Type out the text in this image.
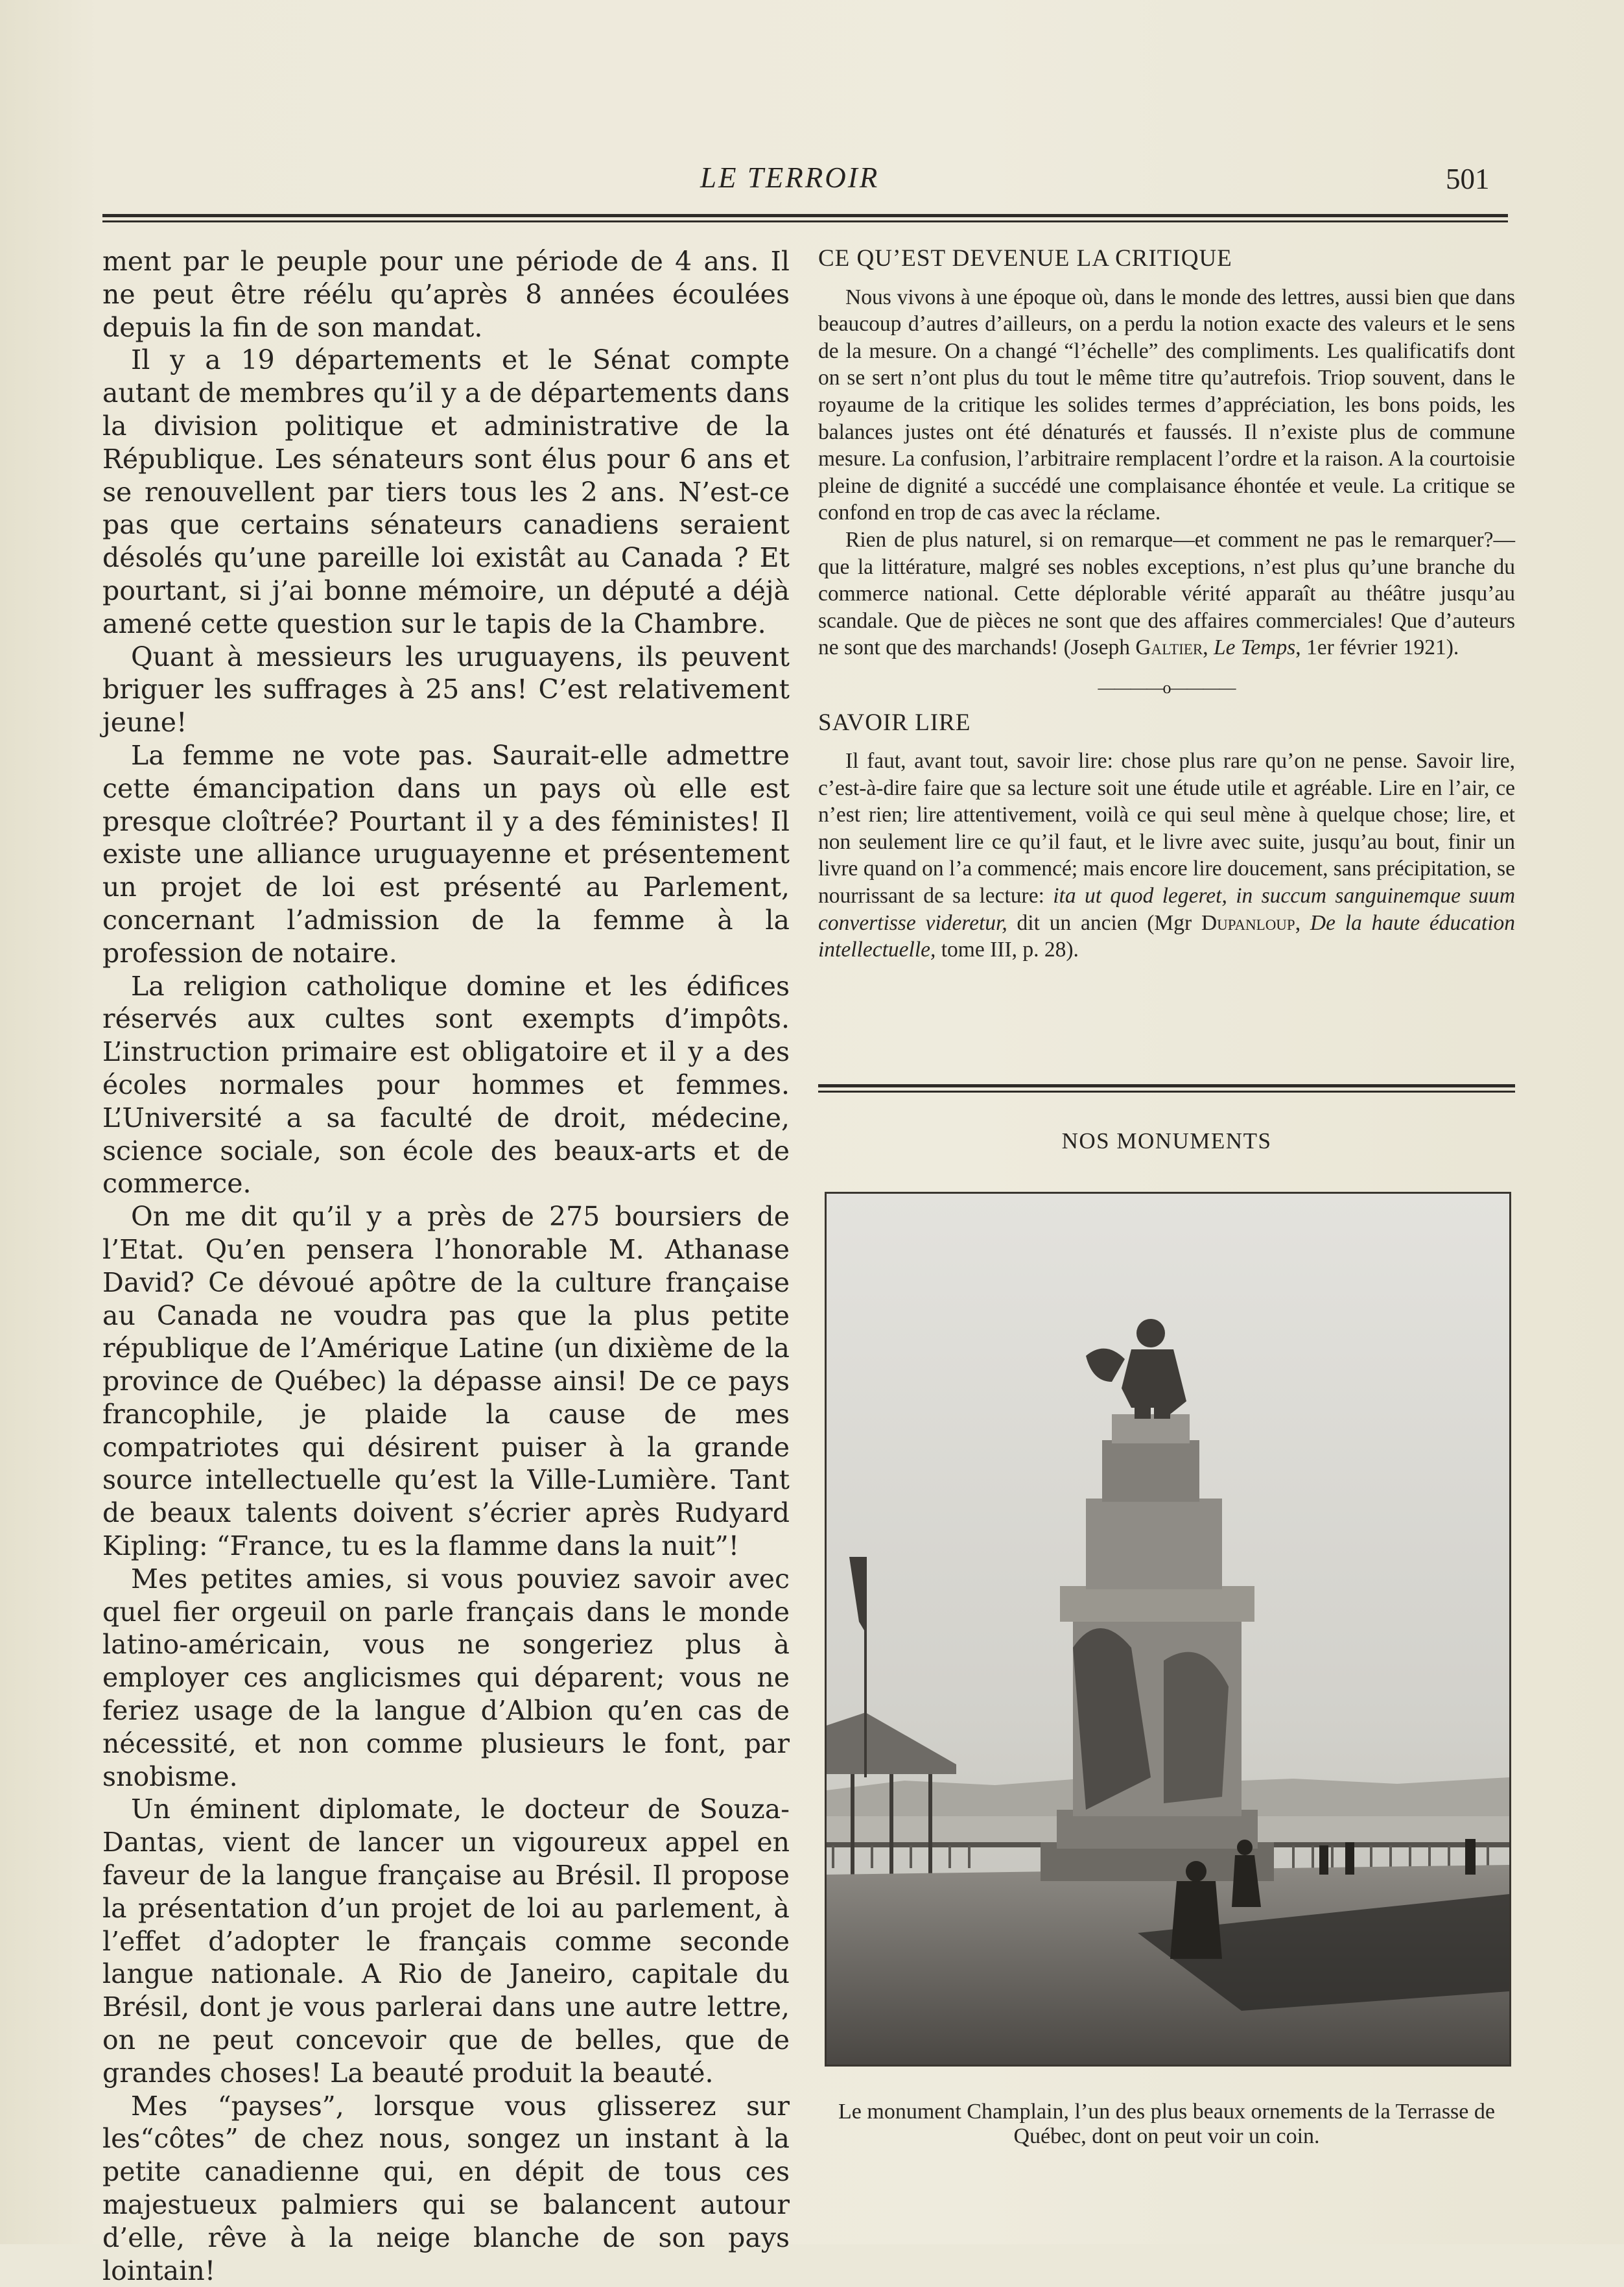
LE TERROIR	501

ment par le peuple pour une période de 4 ans. Il ne peut être réélu qu’après 8 années écoulées depuis la fin de son mandat.

Il y a 19 départements et le Sénat compte autant de membres qu’il y a de départements dans la division politique et administrative de la République. Les sénateurs sont élus pour 6 ans et se renouvellent par tiers tous les 2 ans. N’est-ce pas que certains sénateurs canadiens seraient désolés qu’une pareille loi existât au Canada ? Et pourtant, si j’ai bonne mémoire, un député a déjà amené cette question sur le tapis de la Chambre.

Quant à messieurs les uruguayens, ils peuvent briguer les suffrages à 25 ans! C’est relativement jeune!

La femme ne vote pas. Saurait-elle admettre cette émancipation dans un pays où elle est presque cloîtrée? Pourtant il y a des féministes! Il existe une alliance uruguayenne et présentement un projet de loi est présenté au Parlement, concernant l’admission de la femme à la profession de notaire.

La religion catholique domine et les édifices réservés aux cultes sont exempts d’impôts. L’instruction primaire est obligatoire et il y a des écoles normales pour hommes et femmes. L’Université a sa faculté de droit, médecine, science sociale, son école des beaux-arts et de commerce.

On me dit qu’il y a près de 275 boursiers de l’Etat. Qu’en pensera l’honorable M. Athanase David? Ce dévoué apôtre de la culture française au Canada ne voudra pas que la plus petite république de l’Amérique Latine (un dixième de la province de Québec) la dépasse ainsi! De ce pays francophile, je plaide la cause de mes compatriotes qui désirent puiser à la grande source intellectuelle qu’est la Ville-Lumière. Tant de beaux talents doivent s’écrier après Rudyard Kipling: “France, tu es la flamme dans la nuit”!

Mes petites amies, si vous pouviez savoir avec quel fier orgeuil on parle français dans le monde latino-américain, vous ne songeriez plus à employer ces anglicismes qui déparent; vous ne feriez usage de la langue d’Albion qu’en cas de nécessité, et non comme plusieurs le font, par snobisme.

Un éminent diplomate, le docteur de Souza-Dantas, vient de lancer un vigoureux appel en faveur de la langue française au Brésil. Il propose la présentation d’un projet de loi au parlement, à l’effet d’adopter le français comme seconde langue nationale. A Rio de Janeiro, capitale du Brésil, dont je vous parlerai dans une autre lettre, on ne peut concevoir que de belles, que de grandes choses! La beauté produit la beauté.

Mes “payses”, lorsque vous glisserez sur les“côtes” de chez nous, songez un instant à la petite canadienne qui, en dépit de tous ces majestueux palmiers qui se balancent autour d’elle, rêve à la neige blanche de son pays lointain!

CE QU’EST DEVENUE LA CRITIQUE

Nous vivons à une époque où, dans le monde des lettres, aussi bien que dans beaucoup d’autres d’ailleurs, on a perdu la notion exacte des valeurs et le sens de la mesure. On a changé “l’échelle” des compliments. Les qualificatifs dont on se sert n’ont plus du tout le même titre qu’autrefois. Triop souvent, dans le royaume de la critique les solides termes d’appréciation, les bons poids, les balances justes ont été dénaturés et faussés. Il n’existe plus de commune mesure. La confusion, l’arbitraire remplacent l’ordre et la raison. A la courtoisie pleine de dignité a succédé une complaisance éhontée et veule. La critique se confond en trop de cas avec la réclame.

Rien de plus naturel, si on remarque—et comment ne pas le remarquer?—que la littérature, malgré ses nobles exceptions, n’est plus qu’une branche du commerce national. Cette déplorable vérité apparaît au théâtre jusqu’au scandale. Que de pièces ne sont que des affaires commerciales! Que d’auteurs ne sont que des marchands! (Joseph Galtier, Le Temps, 1er février 1921).

————o————
SAVOIR LIRE

Il faut, avant tout, savoir lire: chose plus rare qu’on ne pense. Savoir lire, c’est-à-dire faire que sa lecture soit une étude utile et agréable. Lire en l’air, ce n’est rien; lire attentivement, voilà ce qui seul mène à quelque chose; lire, et non seulement lire ce qu’il faut, et le livre avec suite, jusqu’au bout, finir un livre quand on l’a commencé; mais encore lire doucement, sans précipitation, se nourrissant de sa lecture: ita ut quod legeret, in succum sanguinemque suum convertisse videretur, dit un ancien (Mgr Dupanloup, De la haute éducation intellectuelle, tome III, p. 28).

NOS MONUMENTS
Le monument Champlain, l’un des plus beaux ornements de la Terrasse de Québec, dont on peut voir un coin.
